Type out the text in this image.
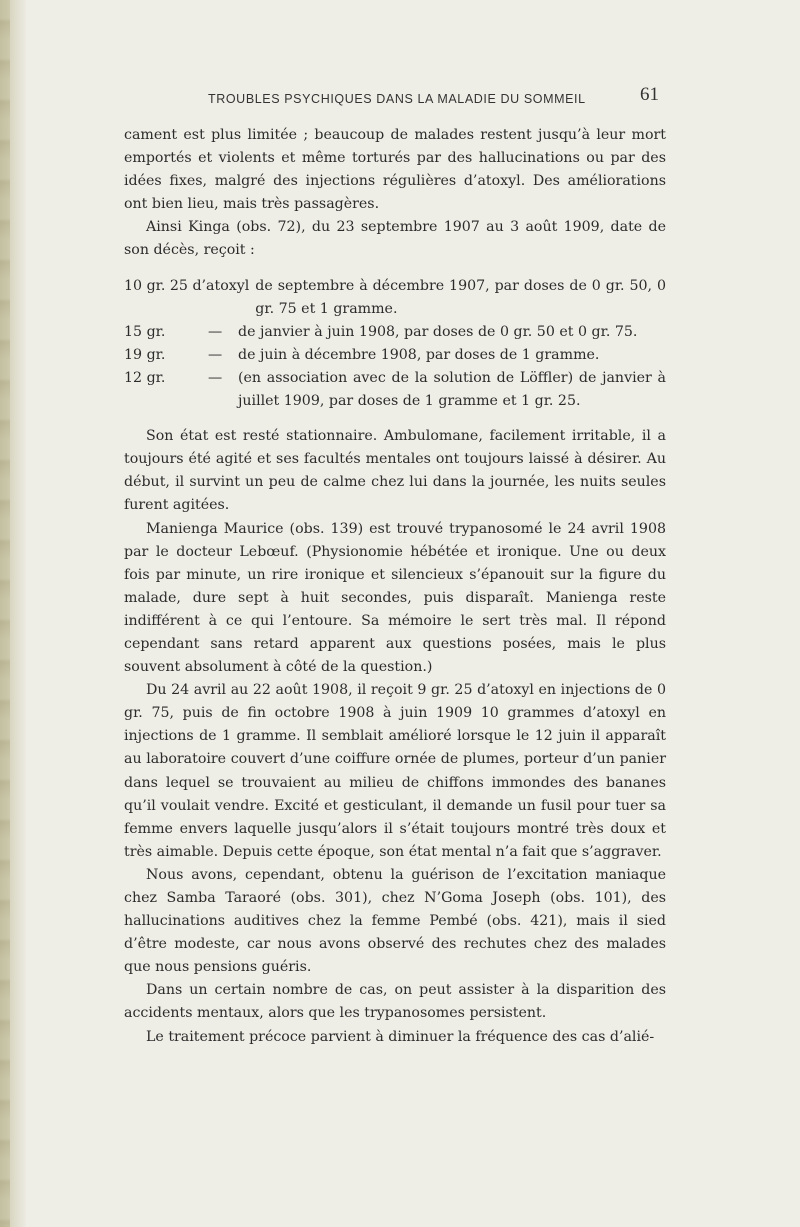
TROUBLES PSYCHIQUES DANS LA MALADIE DU SOMMEIL	61

cament est plus limitée ; beaucoup de malades restent jusqu’à leur mort emportés et violents et même torturés par des hallucinations ou par des idées fixes, malgré des injections régulières d’atoxyl. Des améliorations ont bien lieu, mais très passagères.

Ainsi Kinga (obs. 72), du 23 septembre 1907 au 3 août 1909, date de son décès, reçoit :

10 gr. 25 d’atoxyl de septembre à décembre 1907, par doses de 0 gr. 50, 0 gr. 75 et 1 gramme.
15 gr.	—	de janvier à juin 1908, par doses de 0 gr. 50 et 0 gr. 75.
19 gr.	—	de juin à décembre 1908, par doses de 1 gramme.
12 gr.	—	(en association avec de la solution de Löffler) de janvier à juillet 1909, par doses de 1 gramme et 1 gr. 25.

Son état est resté stationnaire. Ambulomane, facilement irritable, il a toujours été agité et ses facultés mentales ont toujours laissé à désirer. Au début, il survint un peu de calme chez lui dans la journée, les nuits seules furent agitées.

Manienga Maurice (obs. 139) est trouvé trypanosomé le 24 avril 1908 par le docteur Lebœuf. (Physionomie hébétée et ironique. Une ou deux fois par minute, un rire ironique et silencieux s’épanouit sur la figure du malade, dure sept à huit secondes, puis disparaît. Manienga reste indifférent à ce qui l’entoure. Sa mémoire le sert très mal. Il répond cependant sans retard apparent aux questions posées, mais le plus souvent absolument à côté de la question.)

Du 24 avril au 22 août 1908, il reçoit 9 gr. 25 d’atoxyl en injections de 0 gr. 75, puis de fin octobre 1908 à juin 1909 10 grammes d’atoxyl en injections de 1 gramme. Il semblait amélioré lorsque le 12 juin il apparaît au laboratoire couvert d’une coiffure ornée de plumes, porteur d’un panier dans lequel se trouvaient au milieu de chiffons immondes des bananes qu’il voulait vendre. Excité et gesticulant, il demande un fusil pour tuer sa femme envers laquelle jusqu’alors il s’était toujours montré très doux et très aimable. Depuis cette époque, son état mental n’a fait que s’aggraver.

Nous avons, cependant, obtenu la guérison de l’excitation maniaque chez Samba Taraoré (obs. 301), chez N’Goma Joseph (obs. 101), des hallucinations auditives chez la femme Pembé (obs. 421), mais il sied d’être modeste, car nous avons observé des rechutes chez des malades que nous pensions guéris.

Dans un certain nombre de cas, on peut assister à la disparition des accidents mentaux, alors que les trypanosomes persistent.

Le traitement précoce parvient à diminuer la fréquence des cas d’alié-
